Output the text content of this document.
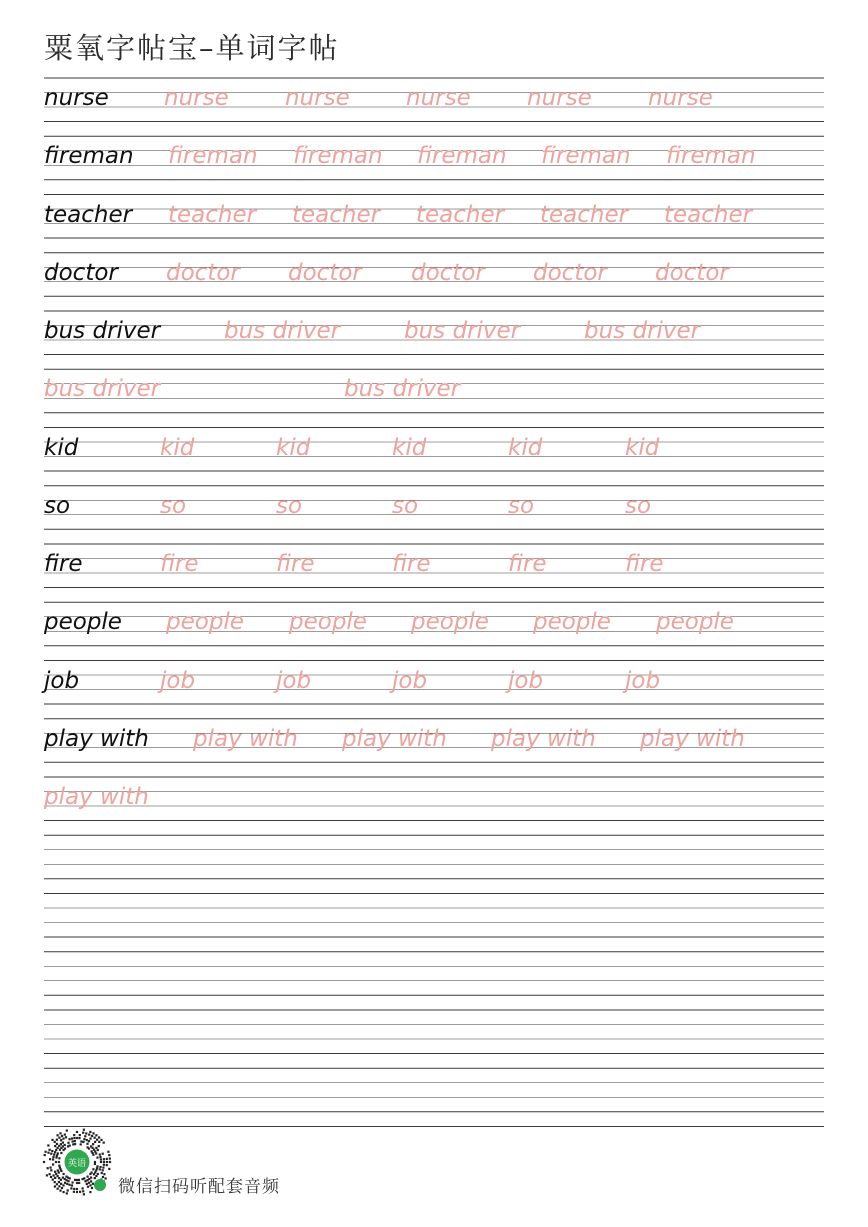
粟氧字帖宝–单词字帖
nurse nurse nurse nurse nurse nurse
fireman fireman fireman fireman fireman fireman
teacher teacher teacher teacher teacher teacher
doctor doctor doctor doctor doctor doctor
bus driver	bus driver	bus driver	bus driver
bus driver	bus driver
kid	kid	kid	kid	kid	kid
so	so	so	so	so	so
fire	fire	fire	fire	fire	fire
people people people people people people
job	job	job	job	job	job
play with play with play with play with play with
play with
英语
微信扫码听配套音频
